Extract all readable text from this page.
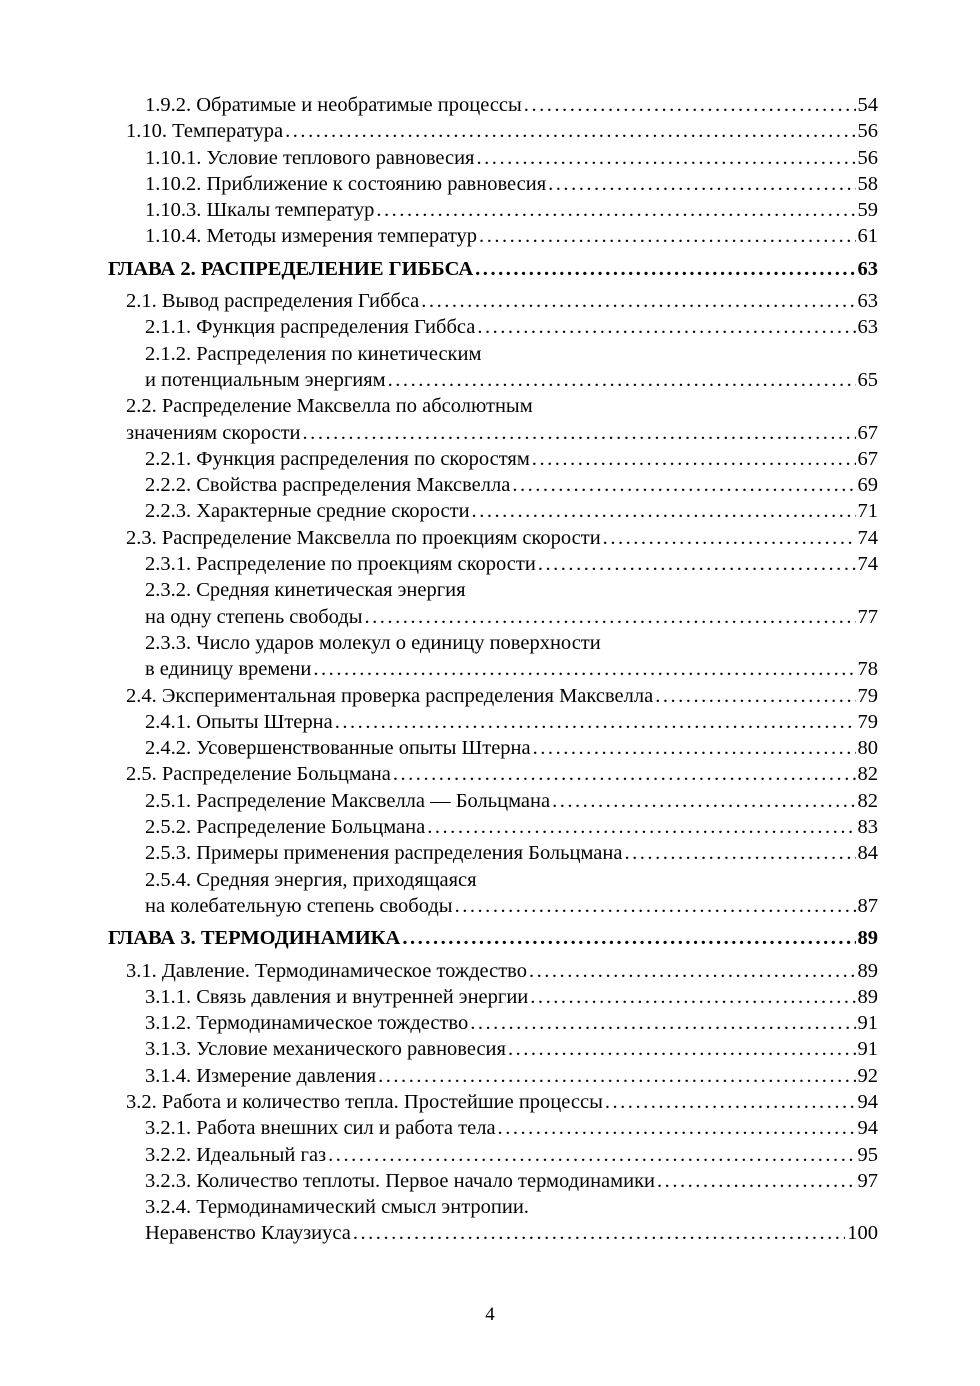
1.9.2. Обратимые и необратимые процессы . . .	54
1.10. Температура . . .	56
1.10.1. Условие теплового равновесия . . .	56
1.10.2. Приближение к состоянию равновесия . . .	58
1.10.3. Шкалы температур . . .	59
1.10.4. Методы измерения температур . . .	61
ГЛАВА 2. РАСПРЕДЕЛЕНИЕ ГИББСА . . .	63
2.1. Вывод распределения Гиббса . . .	63
2.1.1. Функция распределения Гиббса . . .	63
2.1.2. Распределения по кинетическим
и потенциальным энергиям . . .	65
2.2. Распределение Максвелла по абсолютным
значениям скорости . . .	67
2.2.1. Функция распределения по скоростям . . .	67
2.2.2. Свойства распределения Максвелла . . .	69
2.2.3. Характерные средние скорости . . .	71
2.3. Распределение Максвелла по проекциям скорости . . .	74
2.3.1. Распределение по проекциям скорости . . .	74
2.3.2. Средняя кинетическая энергия
на одну степень свободы . . .	77
2.3.3. Число ударов молекул о единицу поверхности
в единицу времени . . .	78
2.4. Экспериментальная проверка распределения Максвелла . . .	79
2.4.1. Опыты Штерна . . .	79
2.4.2. Усовершенствованные опыты Штерна . . .	80
2.5. Распределение Больцмана . . .	82
2.5.1. Распределение Максвелла — Больцмана . . .	82
2.5.2. Распределение Больцмана . . .	83
2.5.3. Примеры применения распределения Больцмана . . .	84
2.5.4. Средняя энергия, приходящаяся
на колебательную степень свободы . . .	87
ГЛАВА 3. ТЕРМОДИНАМИКА . . .	89
3.1. Давление. Термодинамическое тождество . . .	89
3.1.1. Связь давления и внутренней энергии . . .	89
3.1.2. Термодинамическое тождество . . .	91
3.1.3. Условие механического равновесия . . .	91
3.1.4. Измерение давления . . .	92
3.2. Работа и количество тепла. Простейшие процессы . . .	94
3.2.1. Работа внешних сил и работа тела . . .	94
3.2.2. Идеальный газ . . .	95
3.2.3. Количество теплоты. Первое начало термодинамики . . .	97
3.2.4. Термодинамический смысл энтропии.
Неравенство Клаузиуса . . .	100
4
